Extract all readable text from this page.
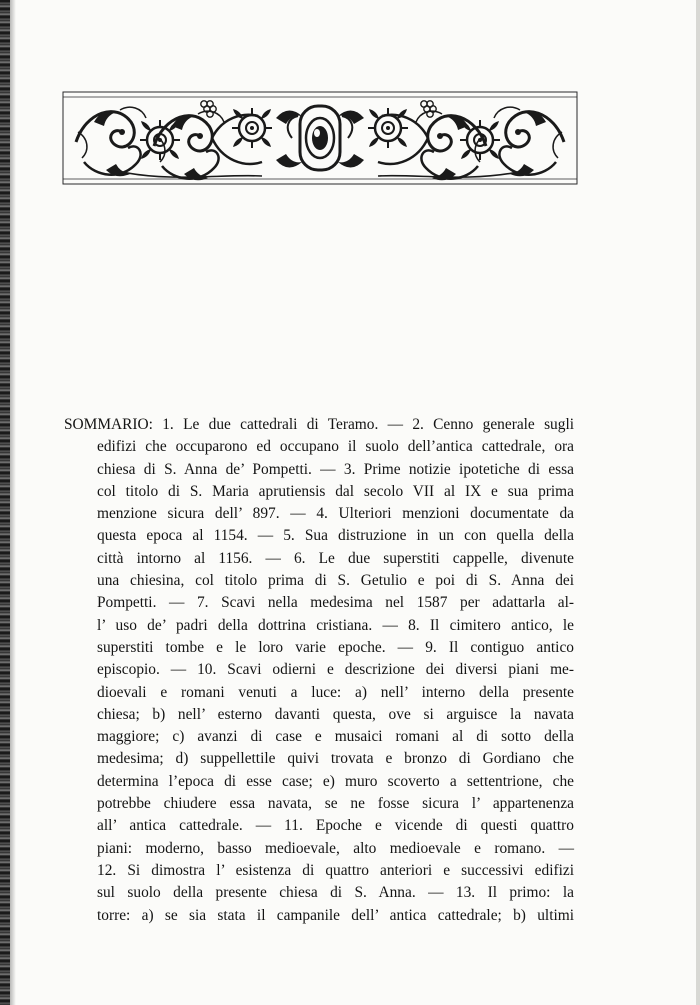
SOMMARIO: 1. Le due cattedrali di Teramo. — 2. Cenno generale sugli
edifizi che occuparono ed occupano il suolo dell’antica cattedrale, ora
chiesa di S. Anna de’ Pompetti. — 3. Prime notizie ipotetiche di essa
col titolo di S. Maria aprutiensis dal secolo VII al IX e sua prima
menzione sicura dell’ 897. — 4. Ulteriori menzioni documentate da
questa epoca al 1154. — 5. Sua distruzione in un con quella della
città intorno al 1156. — 6. Le due superstiti cappelle, divenute
una chiesina, col titolo prima di S. Getulio e poi di S. Anna dei
Pompetti. — 7. Scavi nella medesima nel 1587 per adattarla al-
l’ uso de’ padri della dottrina cristiana. — 8. Il cimitero antico, le
superstiti tombe e le loro varie epoche. — 9. Il contiguo antico
episcopio. — 10. Scavi odierni e descrizione dei diversi piani me-
dioevali e romani venuti a luce: a) nell’ interno della presente
chiesa; b) nell’ esterno davanti questa, ove si arguisce la navata
maggiore; c) avanzi di case e musaici romani al di sotto della
medesima; d) suppellettile quivi trovata e bronzo di Gordiano che
determina l’epoca di esse case; e) muro scoverto a settentrione, che
potrebbe chiudere essa navata, se ne fosse sicura l’ appartenenza
all’ antica cattedrale. — 11. Epoche e vicende di questi quattro
piani: moderno, basso medioevale, alto medioevale e romano. —
12. Si dimostra l’ esistenza di quattro anteriori e successivi edifizi
sul suolo della presente chiesa di S. Anna. — 13. Il primo: la
torre: a) se sia stata il campanile dell’ antica cattedrale; b) ultimi
